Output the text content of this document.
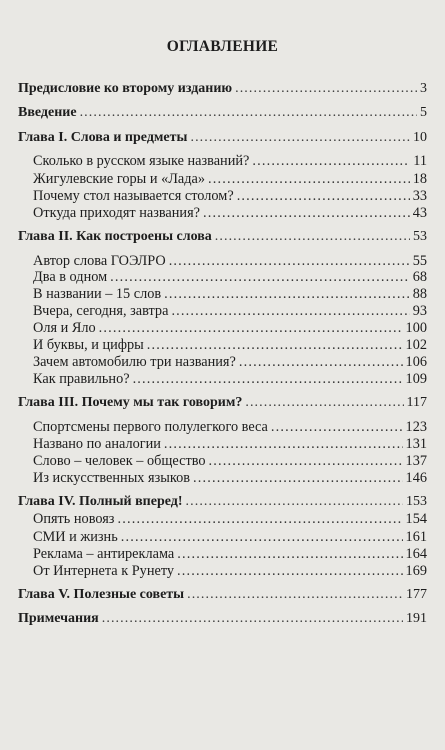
ОГЛАВЛЕНИЕ
Предисловие ко второму изданию . . .	3
Введение . . .	5
Глава I. Слова и предметы . . .	10
Сколько в русском языке названий? . . .	11
Жигулевские горы и «Лада» . . .	18
Почему стол называется столом? . . .	33
Откуда приходят названия? . . .	43
Глава II. Как построены слова . . .	53
Автор слова ГОЭЛРО . . .	55
Два в одном . . .	68
В названии – 15 слов . . .	88
Вчера, сегодня, завтра . . .	93
Оля и Яло . . .	100
И буквы, и цифры . . .	102
Зачем автомобилю три названия? . . .	106
Как правильно? . . .	109
Глава III. Почему мы так говорим? . . .	117
Спортсмены первого полулегкого веса . . .	123
Названо по аналогии . . .	131
Слово – человек – общество . . .	137
Из искусственных языков . . .	146
Глава IV. Полный вперед! . . .	153
Опять новояз . . .	154
СМИ и жизнь . . .	161
Реклама – антиреклама . . .	164
От Интернета к Рунету . . .	169
Глава V. Полезные советы . . .	177
Примечания . . .	191
